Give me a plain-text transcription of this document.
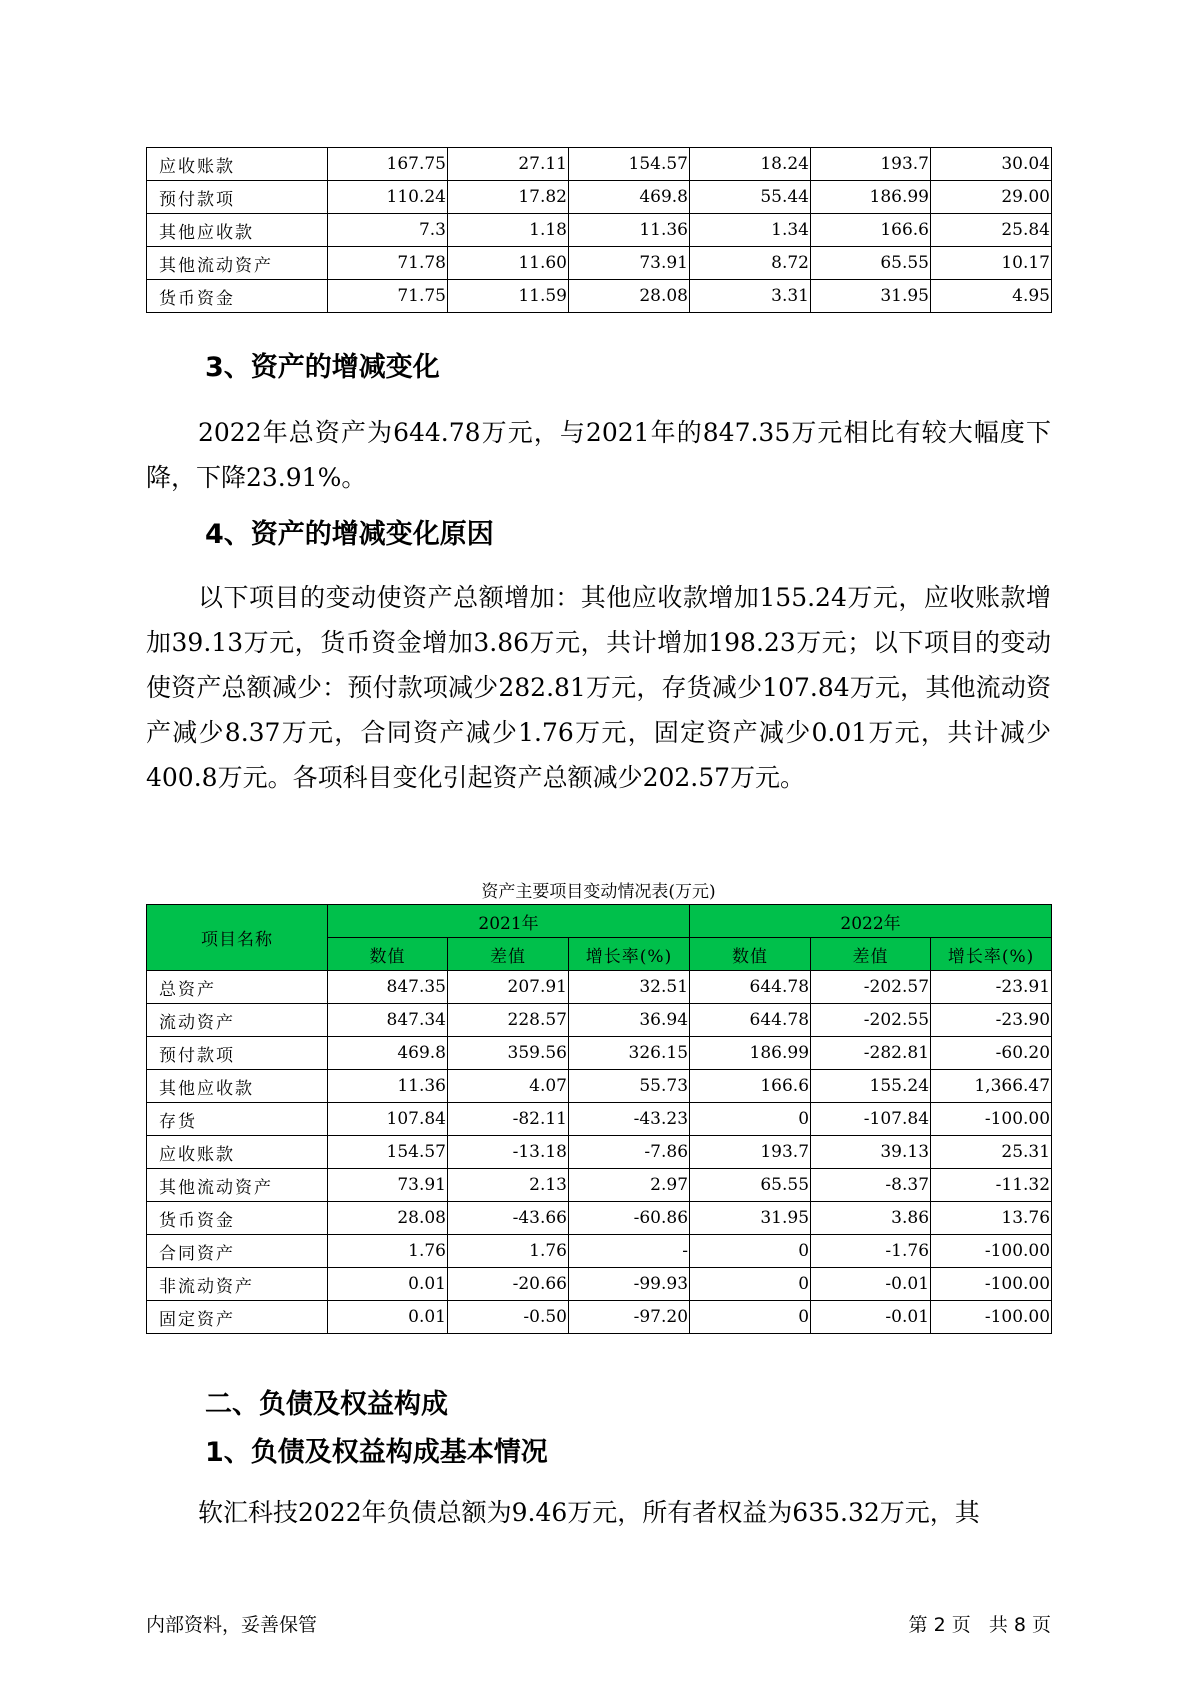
应收账款	167.75	27.11	154.57	18.24	193.7	30.04
预付款项	110.24	17.82	469.8	55.44	186.99	29.00
其他应收款	7.3	1.18	11.36	1.34	166.6	25.84
其他流动资产	71.78	11.60	73.91	8.72	65.55	10.17
货币资金	71.75	11.59	28.08	3.31	31.95	4.95
3、资产的增减变化

2022年总资产为644.78万元，与2021年的847.35万元相比有较大幅度下降，下降23.91%。

4、资产的增减变化原因

以下项目的变动使资产总额增加：其他应收款增加155.24万元，应收账款增加39.13万元，货币资金增加3.86万元，共计增加198.23万元；以下项目的变动使资产总额减少：预付款项减少282.81万元，存货减少107.84万元，其他流动资产减少8.37万元，合同资产减少1.76万元，固定资产减少0.01万元，共计减少400.8万元。各项科目变化引起资产总额减少202.57万元。

资产主要项目变动情况表(万元)
项目名称	2021年			2022年		
	数值	差值	增长率(%)	数值	差值	增长率(%)
总资产	847.35	207.91	32.51	644.78	-202.57	-23.91
流动资产	847.34	228.57	36.94	644.78	-202.55	-23.90
预付款项	469.8	359.56	326.15	186.99	-282.81	-60.20
其他应收款	11.36	4.07	55.73	166.6	155.24	1,366.47
存货	107.84	-82.11	-43.23	0	-107.84	-100.00
应收账款	154.57	-13.18	-7.86	193.7	39.13	25.31
其他流动资产	73.91	2.13	2.97	65.55	-8.37	-11.32
货币资金	28.08	-43.66	-60.86	31.95	3.86	13.76
合同资产	1.76	1.76	-	0	-1.76	-100.00
非流动资产	0.01	-20.66	-99.93	0	-0.01	-100.00
固定资产	0.01	-0.50	-97.20	0	-0.01	-100.00
二、负债及权益构成
1、负债及权益构成基本情况

软汇科技2022年负债总额为9.46万元，所有者权益为635.32万元，其

内部资料，妥善保管	第 2 页   共 8 页
